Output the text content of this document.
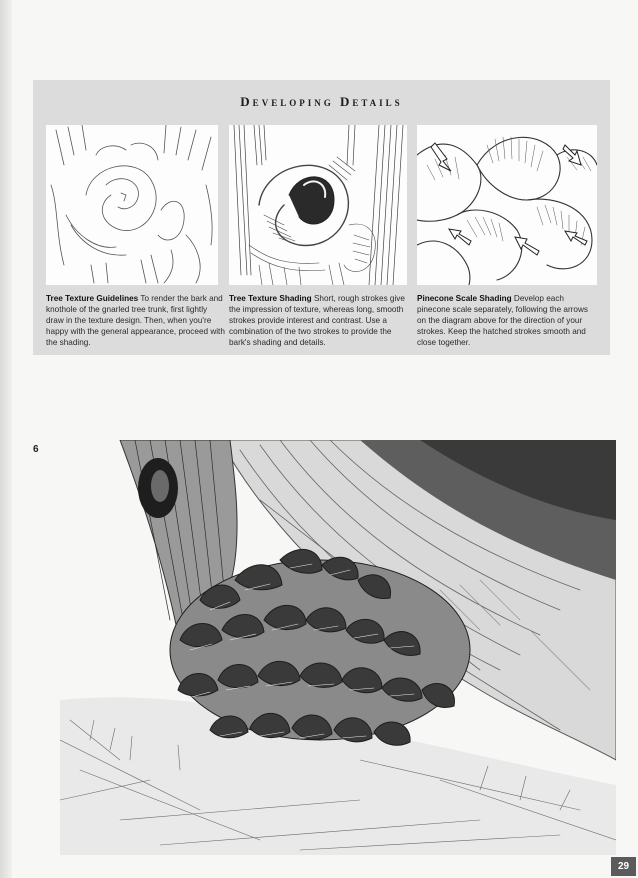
Developing Details
Tree Texture Guidelines To render the bark and knothole of the gnarled tree trunk, first lightly draw in the texture design. Then, when you're happy with the general appearance, proceed with the shading.
Tree Texture Shading Short, rough strokes give the impression of texture, whereas long, smooth strokes provide interest and contrast. Use a combination of the two strokes to provide the bark's shading and details.
Pinecone Scale Shading Develop each pinecone scale separately, following the arrows on the diagram above for the direction of your strokes. Keep the hatched strokes smooth and close together.
6
29
